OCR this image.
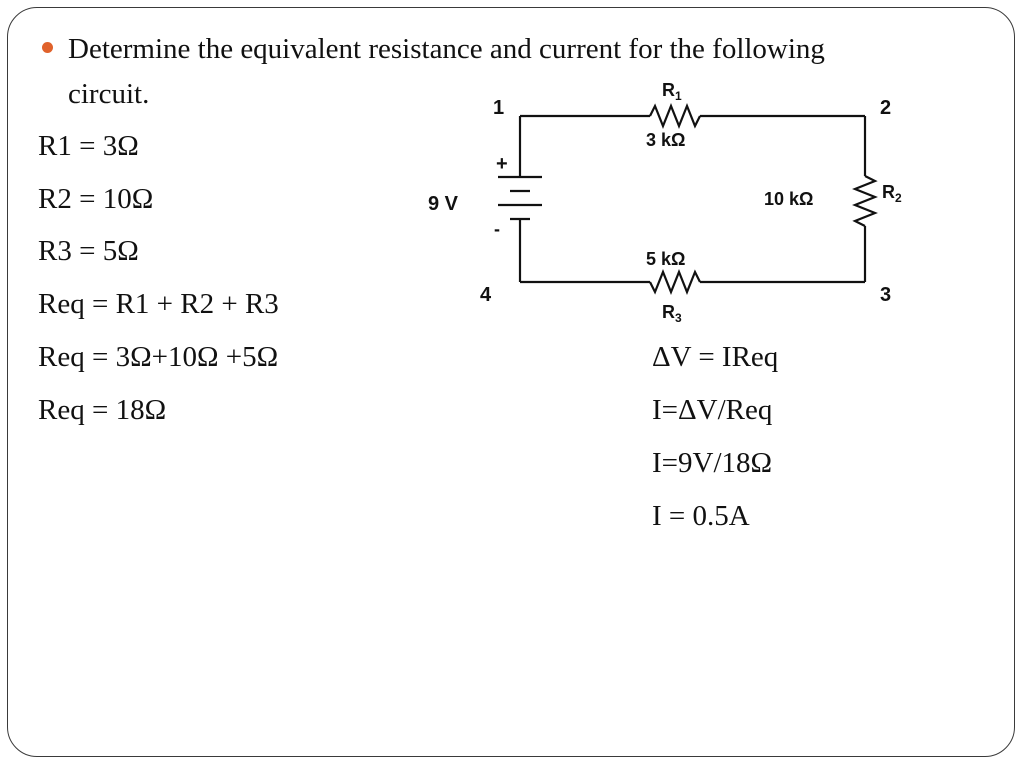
Determine the equivalent resistance and current for the following circuit.
R1 = 3Ω
R2 = 10Ω
R3 = 5Ω
Req = R1 + R2 + R3
Req = 3Ω+10Ω +5Ω
Req = 18Ω
ΔV = IReq
I=ΔV/Req
I=9V/18Ω
I = 0.5A
1	2
3
4
+
-
9 V
$R_1$
3 kΩ
10 kΩ	$R_2$
5 kΩ
$R_3$
